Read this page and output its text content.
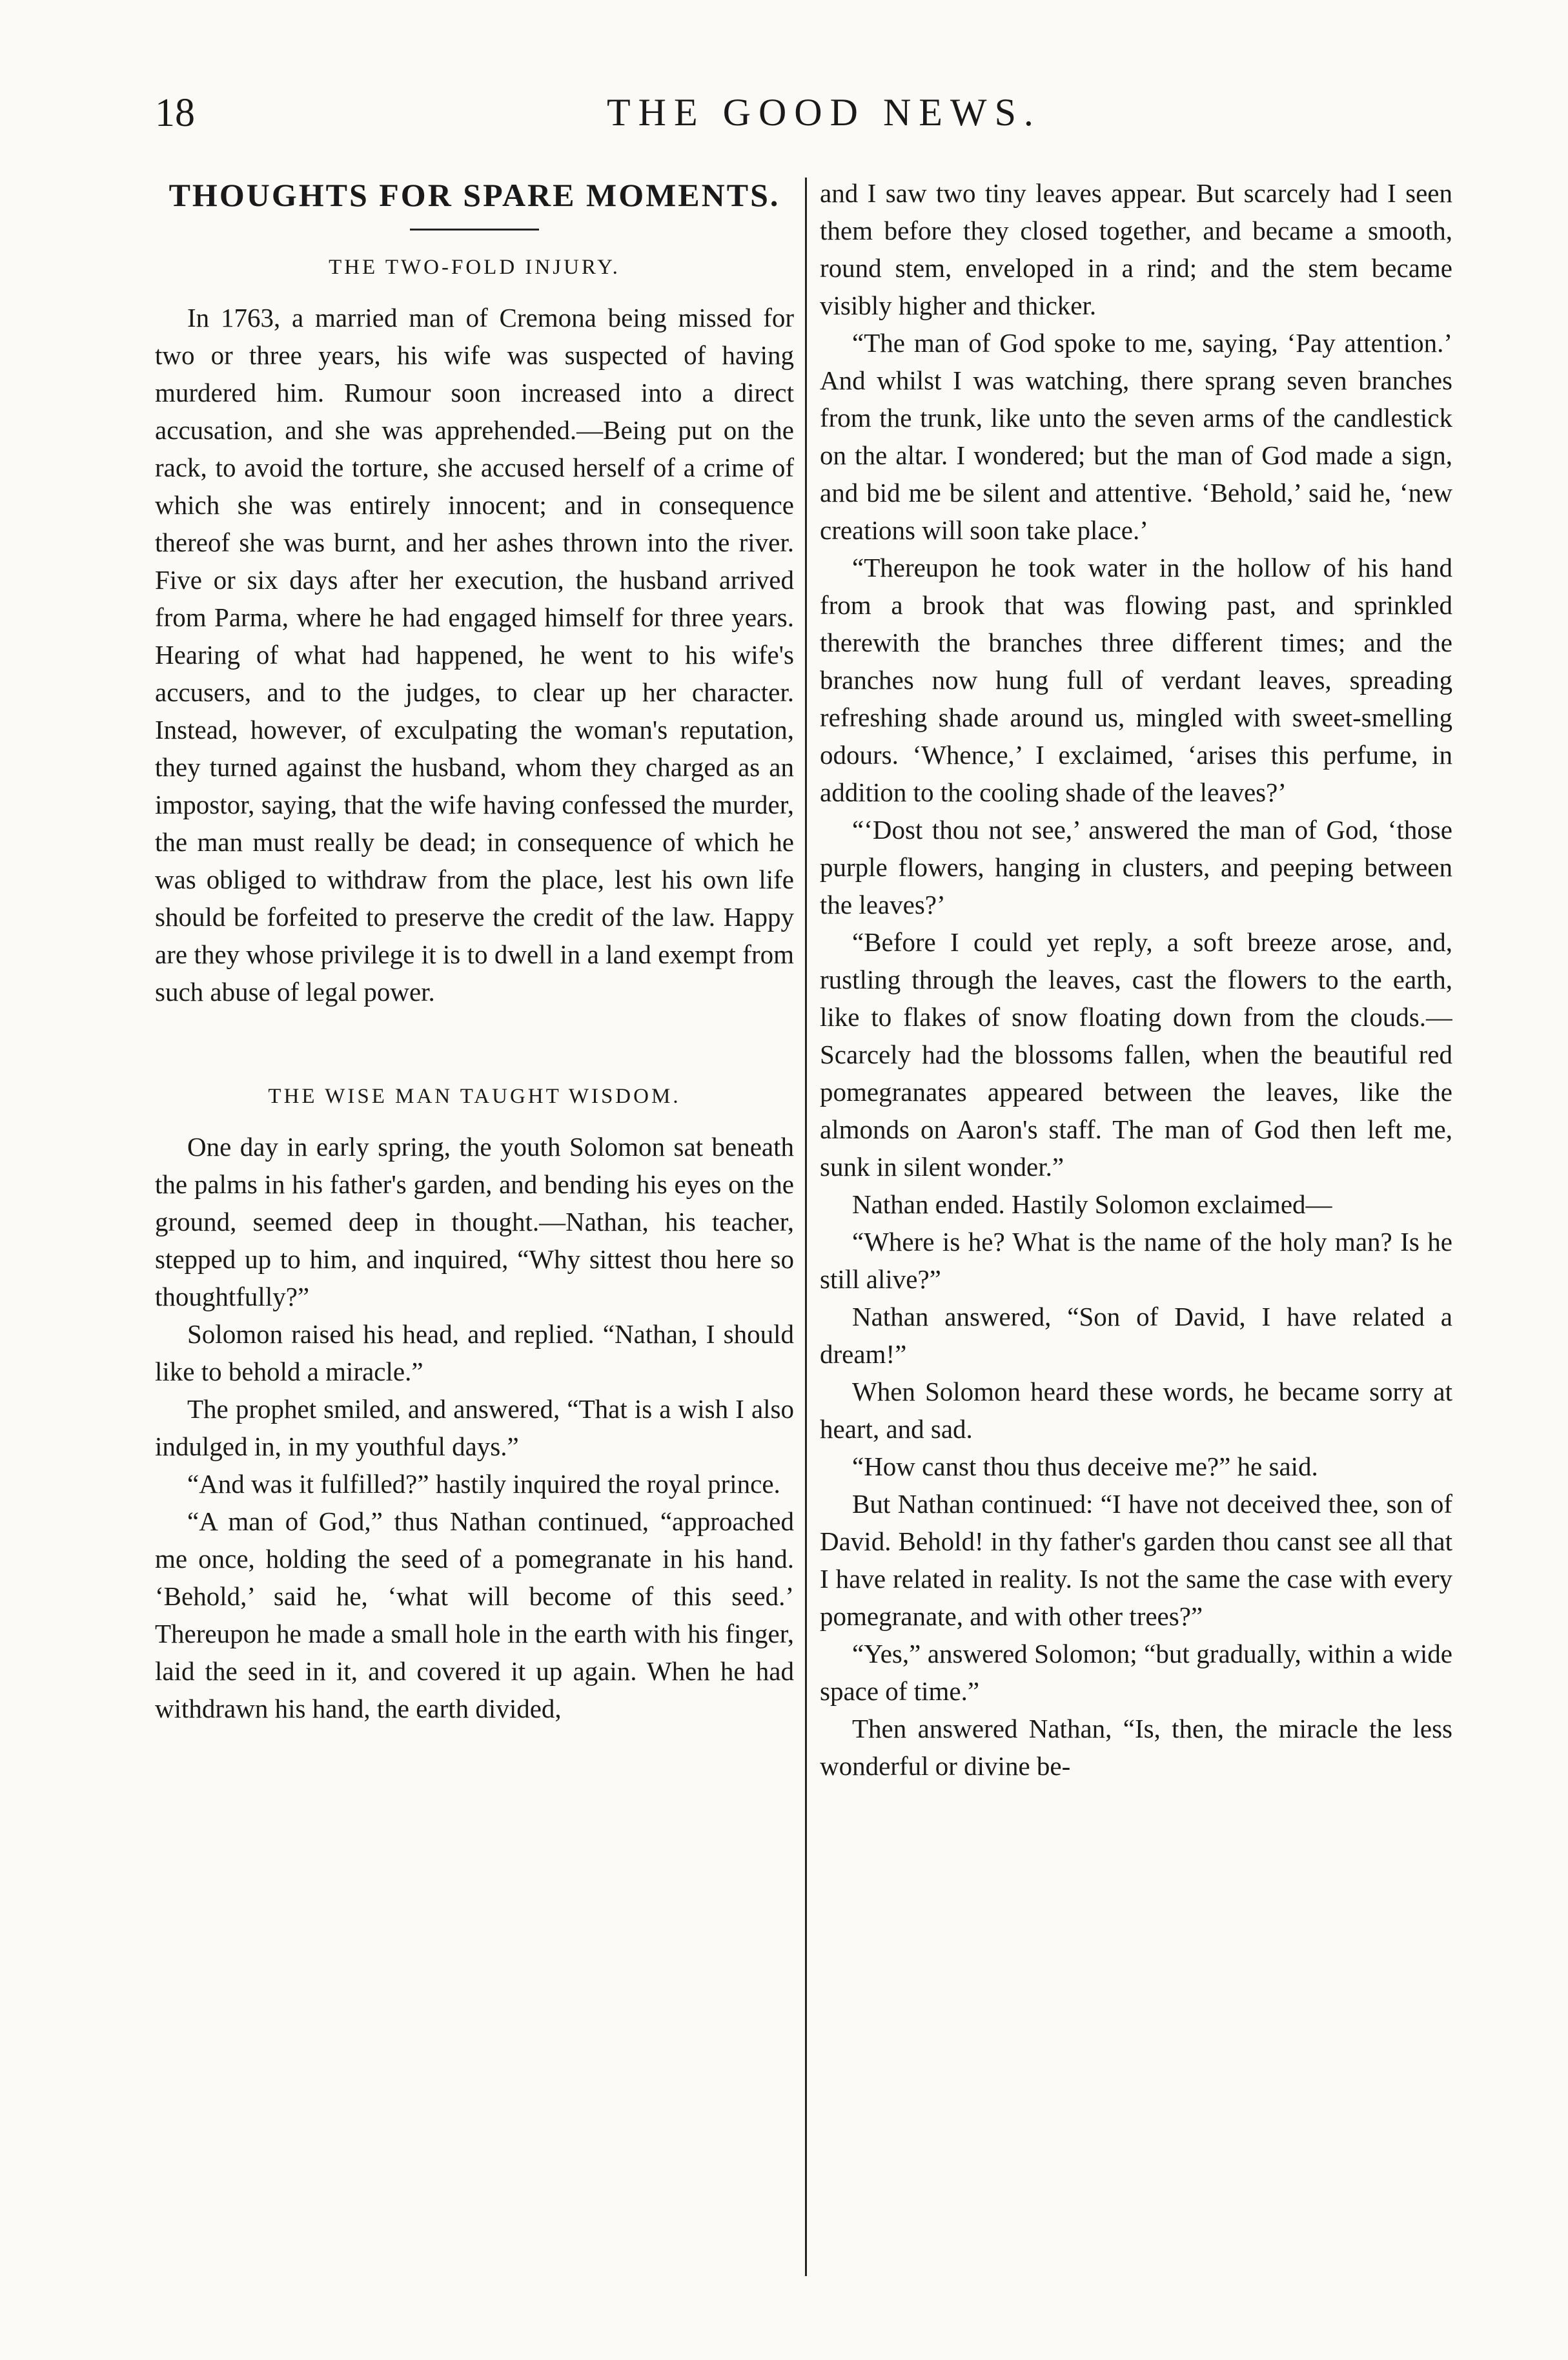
18	THE GOOD NEWS.
THOUGHTS FOR SPARE MOMENTS.
THE TWO-FOLD INJURY.

In 1763, a married man of Cremona being missed for two or three years, his wife was suspected of having murdered him. Rumour soon increased into a direct accusation, and she was apprehended.—Being put on the rack, to avoid the torture, she accused herself of a crime of which she was entirely innocent; and in consequence thereof she was burnt, and her ashes thrown into the river. Five or six days after her execution, the husband arrived from Parma, where he had engaged himself for three years. Hearing of what had happened, he went to his wife's accusers, and to the judges, to clear up her character. Instead, however, of exculpating the woman's reputation, they turned against the husband, whom they charged as an impostor, saying, that the wife having confessed the murder, the man must really be dead; in consequence of which he was obliged to withdraw from the place, lest his own life should be forfeited to preserve the credit of the law. Happy are they whose privilege it is to dwell in a land exempt from such abuse of legal power.

THE WISE MAN TAUGHT WISDOM.

One day in early spring, the youth Solomon sat beneath the palms in his father's garden, and bending his eyes on the ground, seemed deep in thought.—Nathan, his teacher, stepped up to him, and inquired, “Why sittest thou here so thoughtfully?”

Solomon raised his head, and replied. “Nathan, I should like to behold a miracle.”

The prophet smiled, and answered, “That is a wish I also indulged in, in my youthful days.”

“And was it fulfilled?” hastily inquired the royal prince.

“A man of God,” thus Nathan continued, “approached me once, holding the seed of a pomegranate in his hand. ‘Behold,’ said he, ‘what will become of this seed.’ Thereupon he made a small hole in the earth with his finger, laid the seed in it, and covered it up again. When he had withdrawn his hand, the earth divided,

and I saw two tiny leaves appear. But scarcely had I seen them before they closed together, and became a smooth, round stem, enveloped in a rind; and the stem became visibly higher and thicker.

“The man of God spoke to me, saying, ‘Pay attention.’ And whilst I was watching, there sprang seven branches from the trunk, like unto the seven arms of the candlestick on the altar. I wondered; but the man of God made a sign, and bid me be silent and attentive. ‘Behold,’ said he, ‘new creations will soon take place.’

“Thereupon he took water in the hollow of his hand from a brook that was flowing past, and sprinkled therewith the branches three different times; and the branches now hung full of verdant leaves, spreading refreshing shade around us, mingled with sweet-smelling odours. ‘Whence,’ I exclaimed, ‘arises this perfume, in addition to the cooling shade of the leaves?’

“‘Dost thou not see,’ answered the man of God, ‘those purple flowers, hanging in clusters, and peeping between the leaves?’

“Before I could yet reply, a soft breeze arose, and, rustling through the leaves, cast the flowers to the earth, like to flakes of snow floating down from the clouds.—Scarcely had the blossoms fallen, when the beautiful red pomegranates appeared between the leaves, like the almonds on Aaron's staff. The man of God then left me, sunk in silent wonder.”

Nathan ended. Hastily Solomon exclaimed—

“Where is he? What is the name of the holy man? Is he still alive?”

Nathan answered, “Son of David, I have related a dream!”

When Solomon heard these words, he became sorry at heart, and sad.

“How canst thou thus deceive me?” he said.

But Nathan continued: “I have not deceived thee, son of David. Behold! in thy father's garden thou canst see all that I have related in reality. Is not the same the case with every pomegranate, and with other trees?”

“Yes,” answered Solomon; “but gradually, within a wide space of time.”

Then answered Nathan, “Is, then, the miracle the less wonderful or divine be-
